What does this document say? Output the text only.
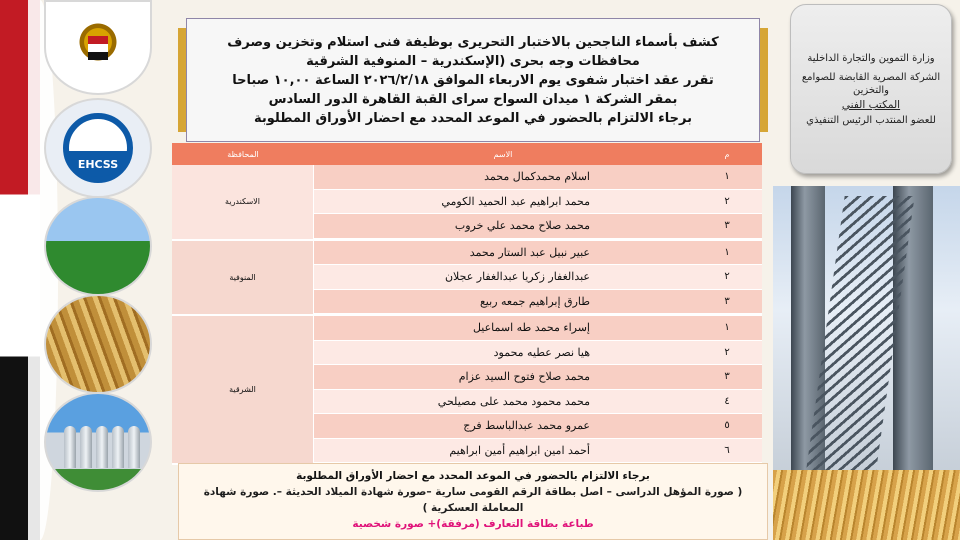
EHCSS
وزارة التموين والتجارة الداخلية
الشركة المصرية القابضة للصوامع والتخزين
المكتب الفني
للعضو المنتدب الرئيس التنفيذي
كشف بأسماء الناجحين بالاختبار التحريرى بوظيفة فنى استلام وتخزين وصرف
محافظات وجه بحرى (الإسكندرية – المنوفية الشرقية
تقرر عقد اختبار شفوى يوم الاربعاء الموافق ٢٠٢٦/٢/١٨ الساعة ١٠,٠٠ صباحا
بمقر الشركة ١ ميدان السواح سراى القبة القاهرة الدور السادس
برجاء الالتزام بالحضور في الموعد المحدد مع احضار الأوراق المطلوبة
م
الاسم
المحافظة
١
اسلام محمدكمال محمد
٢
محمد ابراهيم عبد الحميد الكومي
٣
محمد صلاح محمد علي خروب
الاسكندرية
١
عبير نبيل عبد الستار محمد
٢
عبدالغفار زكريا عبدالغفار عجلان
٣
طارق إبراهيم جمعه ربيع
المنوفية
١
إسراء محمد طه اسماعيل
٢
هيا نصر عطيه محمود
٣
محمد صلاح فتوح السيد عزام
٤
محمد محمود محمد على مصيلحي
٥
عمرو محمد عبدالباسط فرج
٦
أحمد امين ابراهيم أمين ابراهيم
الشرقية
برجاء الالتزام بالحضور في الموعد المحدد مع احضار الأوراق المطلوبة
( صورة المؤهل الدراسى – اصل بطاقة الرقم القومى سارية –صورة شهادة الميلاد الحديثة –. صورة شهادة المعاملة العسكرية )
طباعة بطاقة التعارف (مرفقة)+ صورة شخصية
